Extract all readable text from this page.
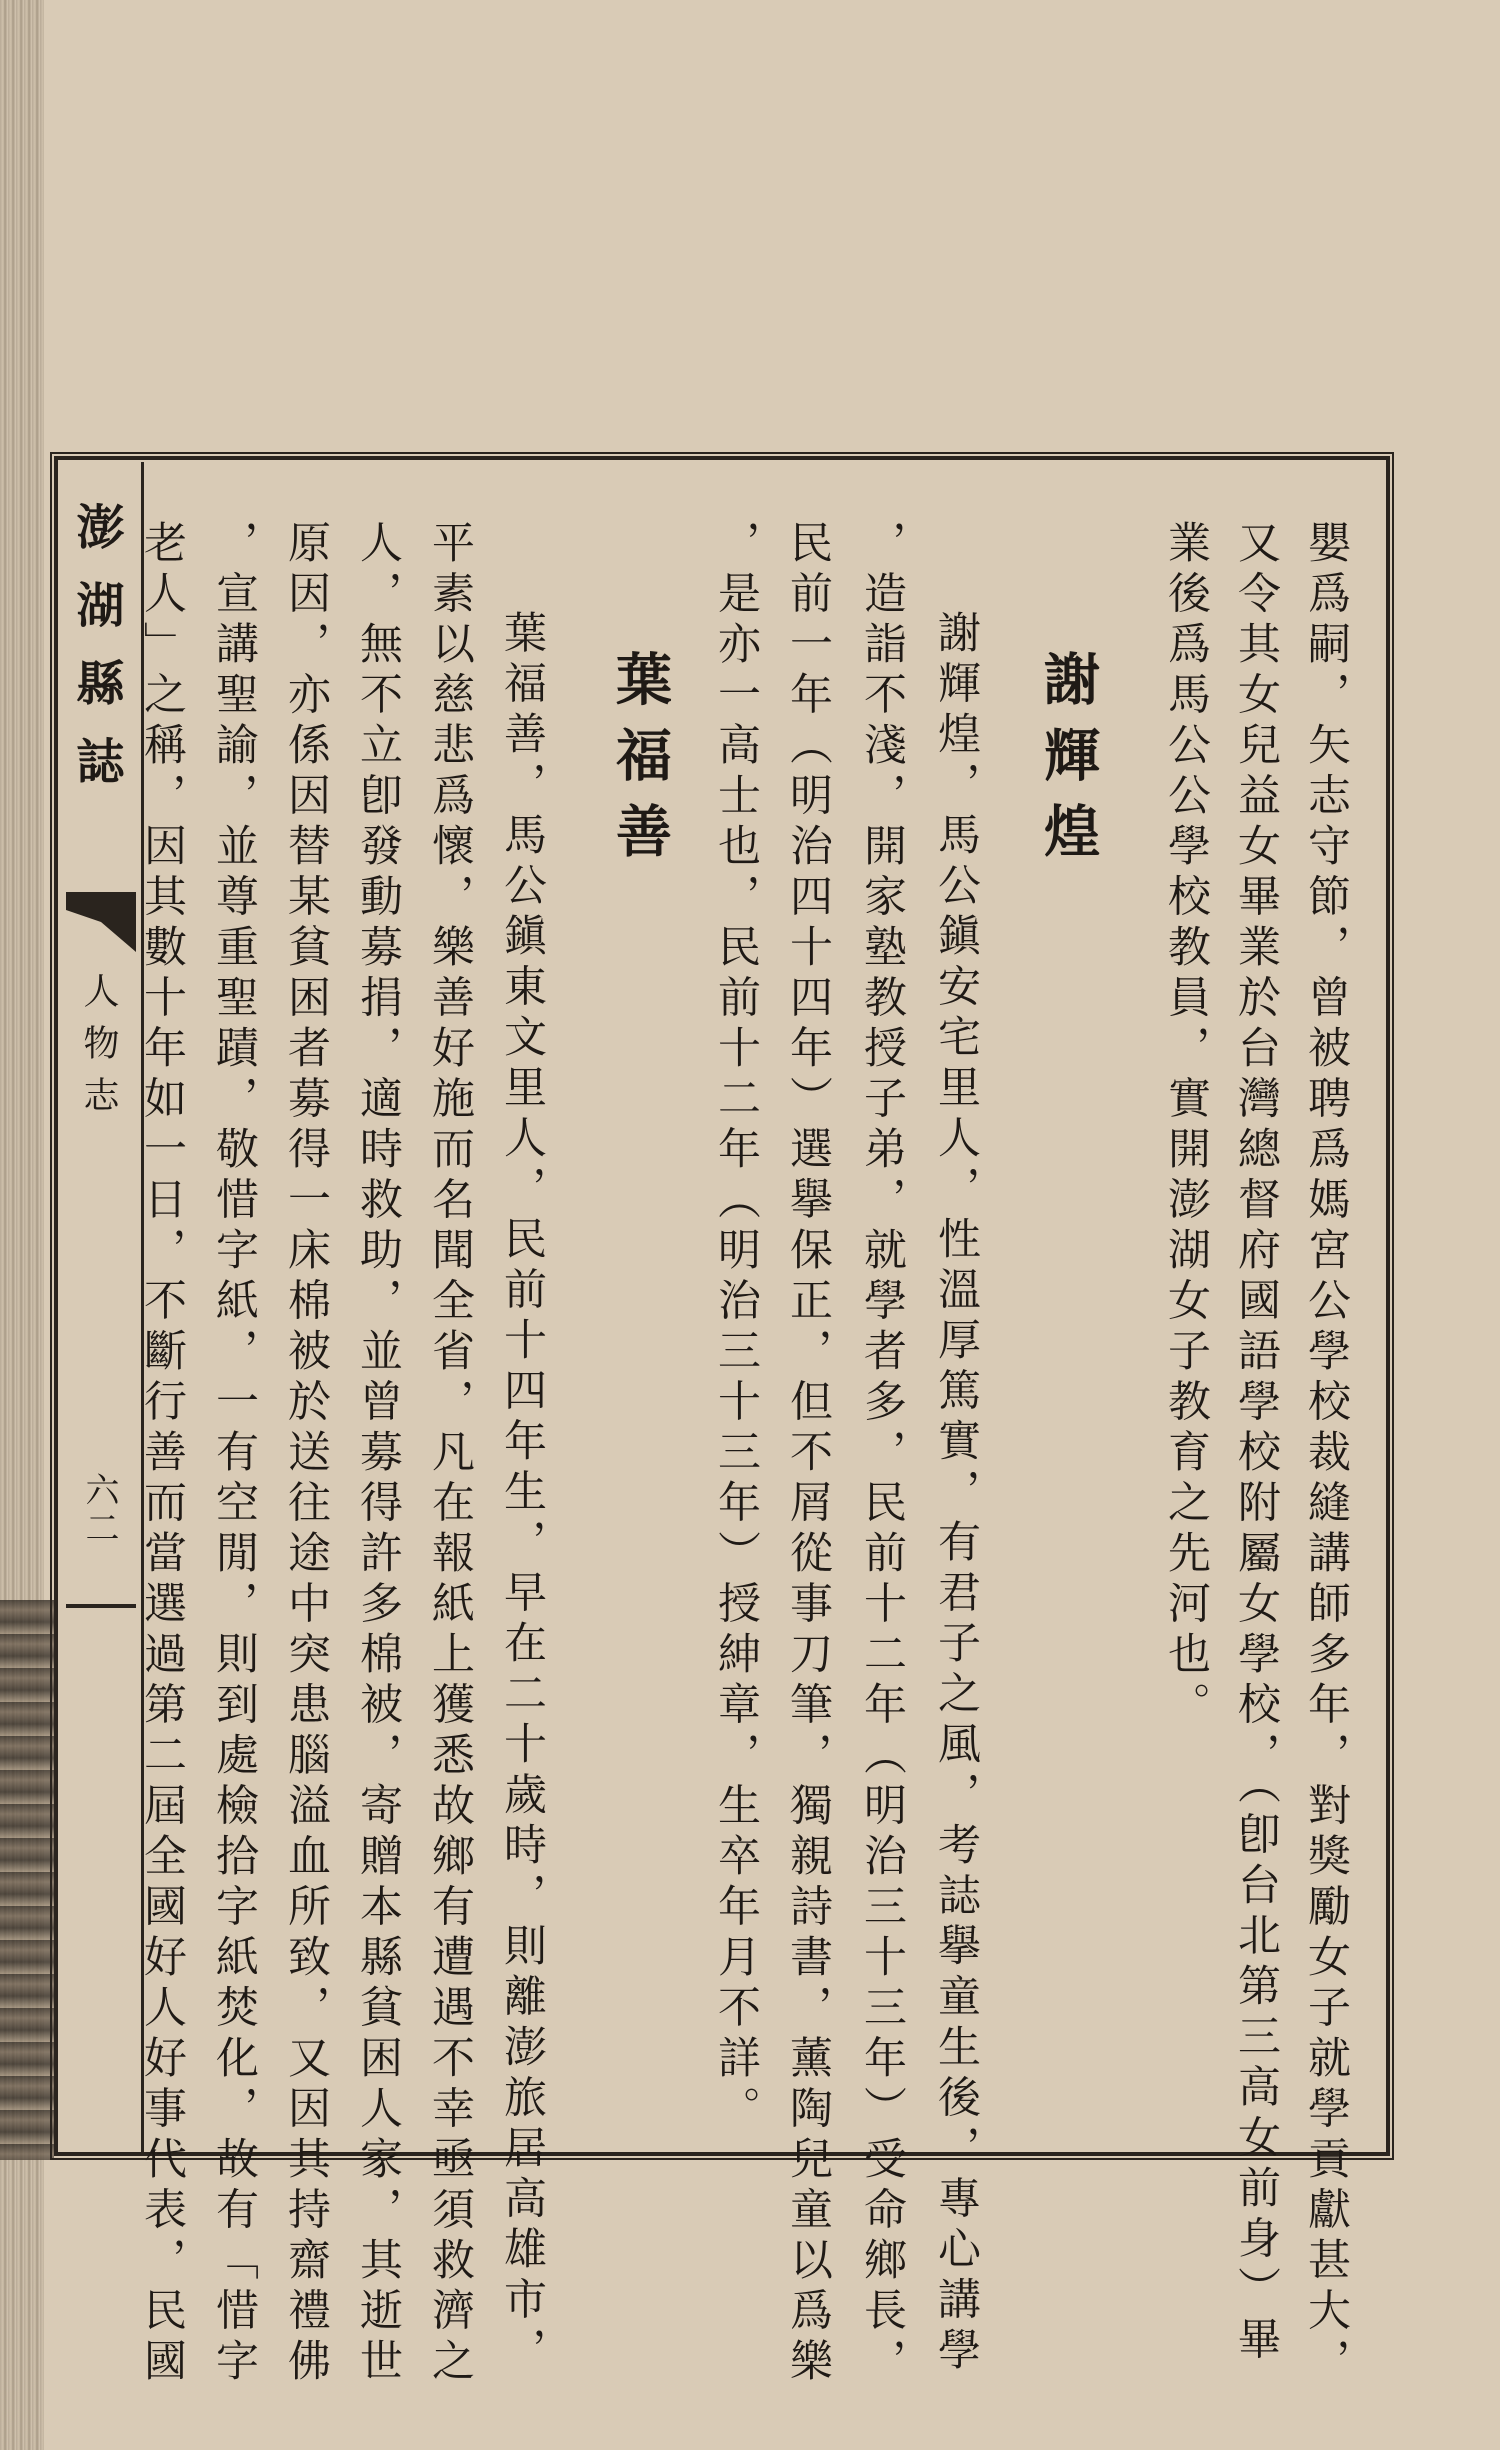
澎湖縣誌
人物志
六二	嬰爲嗣，矢志守節，曾被聘爲媽宮公學校裁縫講師多年，對獎勵女子就學貢獻甚大，
又令其女兒益女畢業於台灣總督府國語學校附屬女學校，（卽台北第三高女前身）畢
業後爲馬公公學校教員，實開澎湖女子教育之先河也。
謝輝煌
謝輝煌，馬公鎭安宅里人，性溫厚篤實，有君子之風，考誌擧童生後，專心講學
，造詣不淺，開家塾教授子弟，就學者多，民前十二年（明治三十三年）受命鄉長，
民前一年（明治四十四年）選擧保正，但不屑從事刀筆，獨親詩書，薰陶兒童以爲樂
，是亦一高士也，民前十二年（明治三十三年）授紳章，生卒年月不詳。
葉福善
葉福善，馬公鎭東文里人，民前十四年生，早在二十歲時，則離澎旅居高雄市，
平素以慈悲爲懷，樂善好施而名聞全省，凡在報紙上獲悉故鄉有遭遇不幸亟須救濟之
人，無不立卽發動募捐，適時救助，並曾募得許多棉被，寄贈本縣貧困人家，其逝世
原因，亦係因替某貧困者募得一床棉被於送往途中突患腦溢血所致，又因其持齋禮佛
，宣講聖諭，並尊重聖蹟，敬惜字紙，一有空閒，則到處檢拾字紙焚化，故有「惜字
老人」之稱，因其數十年如一日，不斷行善而當選過第二屆全國好人好事代表，民國
